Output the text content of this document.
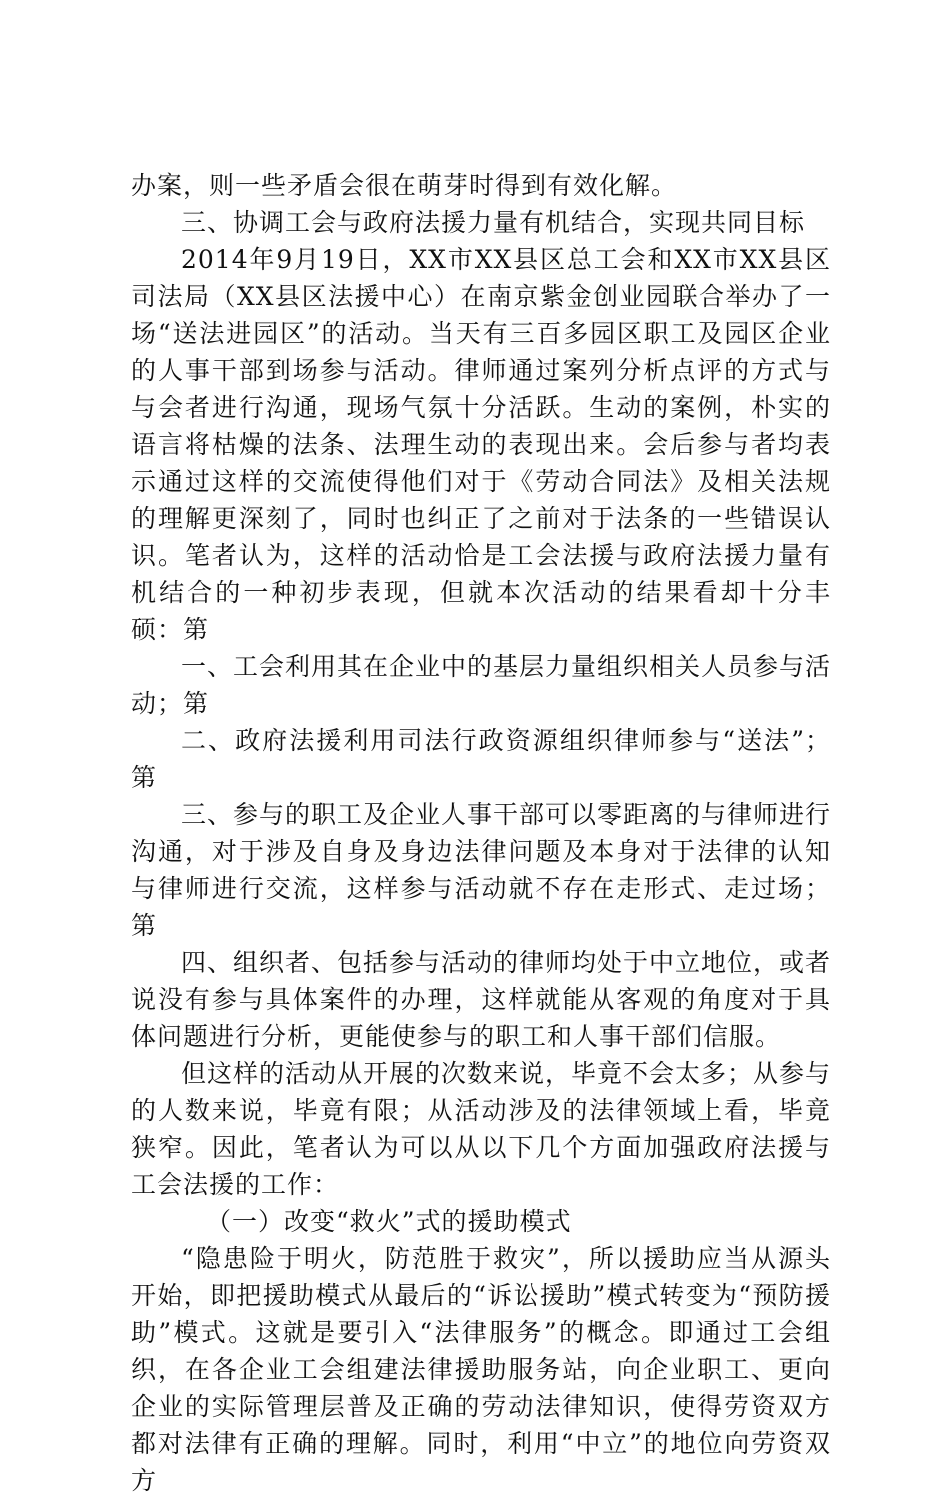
办案，则一些矛盾会很在萌芽时得到有效化解。

三、协调工会与政府法援力量有机结合，实现共同目标

2014年9月19日，XX市XX县区总工会和XX市XX县区司法局（XX县区法援中心）在南京紫金创业园联合举办了一场“送法进园区”的活动。当天有三百多园区职工及园区企业的人事干部到场参与活动。律师通过案列分析点评的方式与与会者进行沟通，现场气氛十分活跃。生动的案例，朴实的语言将枯燥的法条、法理生动的表现出来。会后参与者均表示通过这样的交流使得他们对于《劳动合同法》及相关法规的理解更深刻了，同时也纠正了之前对于法条的一些错误认识。笔者认为，这样的活动恰是工会法援与政府法援力量有机结合的一种初步表现，但就本次活动的结果看却十分丰硕：第

一、工会利用其在企业中的基层力量组织相关人员参与活动；第

二、政府法援利用司法行政资源组织律师参与“送法”；第

三、参与的职工及企业人事干部可以零距离的与律师进行沟通，对于涉及自身及身边法律问题及本身对于法律的认知与律师进行交流，这样参与活动就不存在走形式、走过场；第

四、组织者、包括参与活动的律师均处于中立地位，或者说没有参与具体案件的办理，这样就能从客观的角度对于具体问题进行分析，更能使参与的职工和人事干部们信服。

但这样的活动从开展的次数来说，毕竟不会太多；从参与的人数来说，毕竟有限；从活动涉及的法律领域上看，毕竟狭窄。因此，笔者认为可以从以下几个方面加强政府法援与工会法援的工作：

（一）改变“救火”式的援助模式

“隐患险于明火，防范胜于救灾”，所以援助应当从源头开始，即把援助模式从最后的“诉讼援助”模式转变为“预防援助”模式。这就是要引入“法律服务”的概念。即通过工会组织，在各企业工会组建法律援助服务站，向企业职工、更向企业的实际管理层普及正确的劳动法律知识，使得劳资双方都对法律有正确的理解。同时，利用“中立”的地位向劳资双方
